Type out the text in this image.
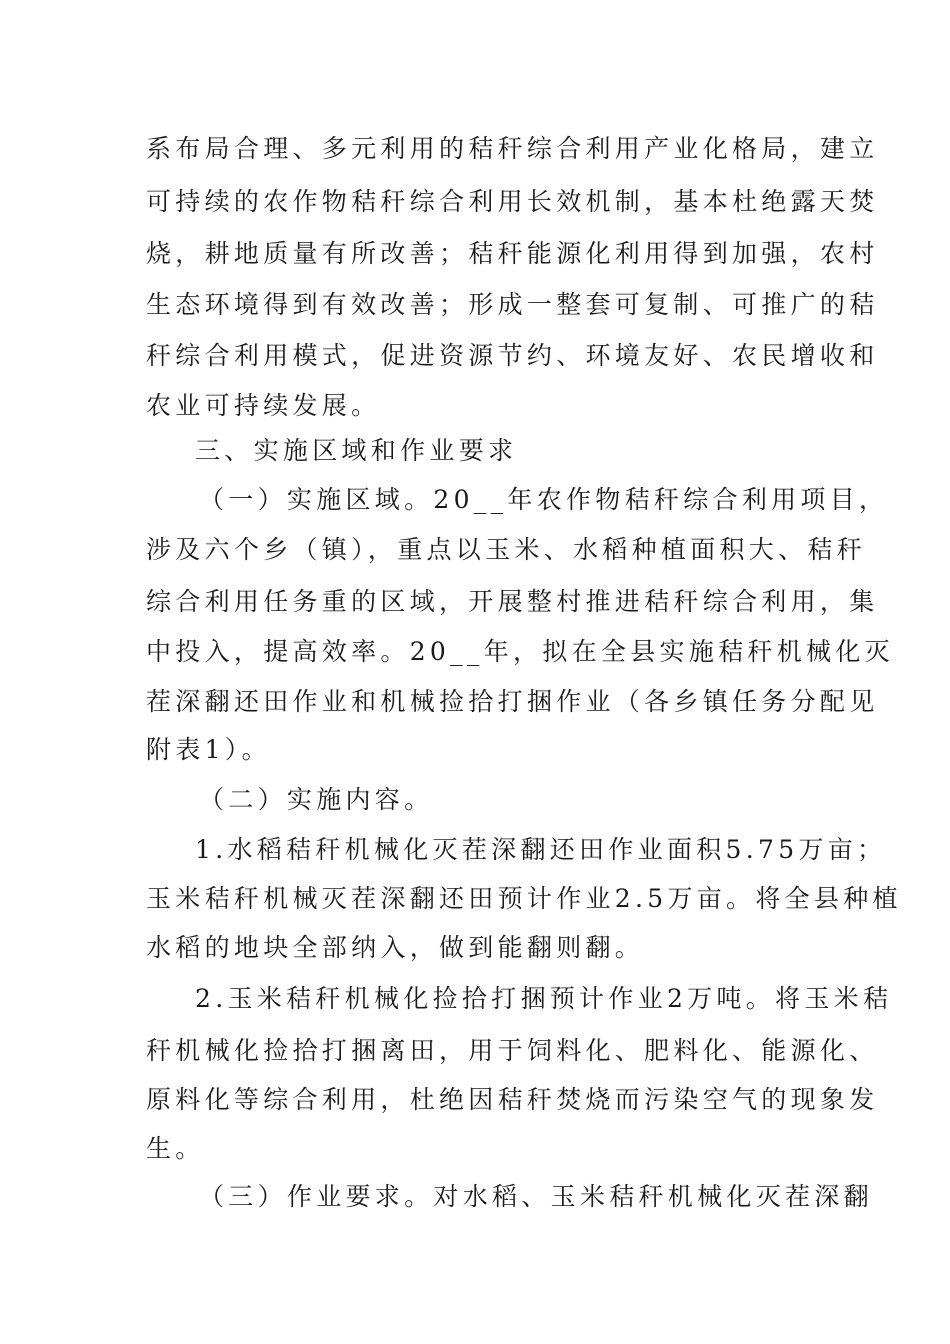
系布局合理、多元利用的秸秆综合利用产业化格局，建立
可持续的农作物秸秆综合利用长效机制，基本杜绝露天焚
烧，耕地质量有所改善；秸秆能源化利用得到加强，农村
生态环境得到有效改善；形成一整套可复制、可推广的秸
秆综合利用模式，促进资源节约、环境友好、农民增收和
农业可持续发展。
三、实施区域和作业要求
（一）实施区域。20__年农作物秸秆综合利用项目，
涉及六个乡（镇），重点以玉米、水稻种植面积大、秸秆
综合利用任务重的区域，开展整村推进秸秆综合利用，集
中投入，提高效率。20__年，拟在全县实施秸秆机械化灭
茬深翻还田作业和机械捡拾打捆作业（各乡镇任务分配见
附表1）。
（二）实施内容。
1.水稻秸秆机械化灭茬深翻还田作业面积5.75万亩；
玉米秸秆机械灭茬深翻还田预计作业2.5万亩。将全县种植
水稻的地块全部纳入，做到能翻则翻。
2.玉米秸秆机械化捡拾打捆预计作业2万吨。将玉米秸
秆机械化捡拾打捆离田，用于饲料化、肥料化、能源化、
原料化等综合利用，杜绝因秸秆焚烧而污染空气的现象发
生。
（三）作业要求。对水稻、玉米秸秆机械化灭茬深翻
